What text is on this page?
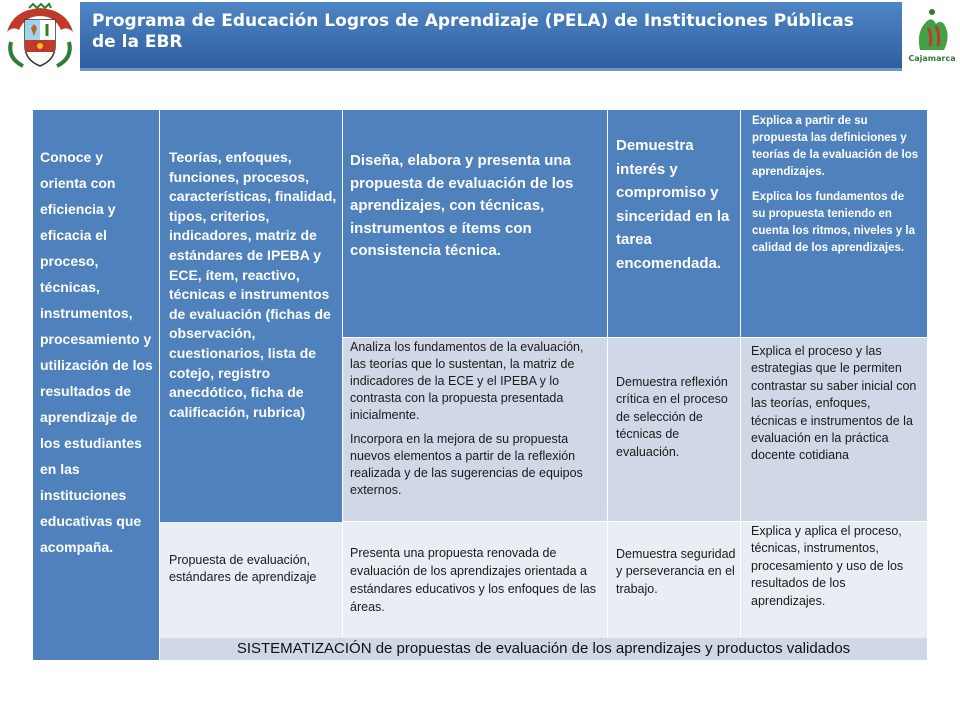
Programa de Educación Logros de Aprendizaje (PELA) de Instituciones Públicas de la EBR
Cajamarca

Conoce y orienta con eficiencia y eficacia el proceso, técnicas, instrumentos, procesamiento y utilización de los resultados de aprendizaje de los estudiantes en las instituciones educativas que acompaña.

Teorías, enfoques, funciones, procesos, características, finalidad, tipos, criterios, indicadores, matriz de estándares de IPEBA y ECE, ítem, reactivo, técnicas e instrumentos de evaluación (fichas de observación, cuestionarios, lista de cotejo, registro anecdótico, ficha de calificación, rubrica)

Diseña, elabora y presenta una propuesta de evaluación de los aprendizajes, con técnicas, instrumentos e ítems con consistencia técnica.

Demuestra interés y compromiso y sinceridad en la tarea encomendada.

Explica a partir de su propuesta las definiciones y teorías de la evaluación de los aprendizajes.

Explica los fundamentos de su propuesta teniendo en cuenta los ritmos, niveles y la calidad de los aprendizajes.

Analiza los fundamentos de la evaluación, las teorías que lo sustentan, la matriz de indicadores de la ECE y el IPEBA y lo contrasta con la propuesta presentada inicialmente.

Incorpora en la mejora de su propuesta nuevos elementos a partir de la reflexión realizada y de las sugerencias de equipos externos.

Demuestra reflexión crítica en el proceso de selección de técnicas de evaluación.

Explica el proceso y las estrategias que le permiten contrastar su saber inicial con las teorías, enfoques, técnicas e instrumentos de la evaluación en la práctica docente cotidiana

Propuesta de evaluación, estándares de aprendizaje

Presenta una propuesta renovada de evaluación de los aprendizajes orientada a estándares educativos y los enfoques de las áreas.

Demuestra seguridad y perseverancia en el trabajo.

Explica y aplica el proceso, técnicas, instrumentos, procesamiento y uso de los resultados de los aprendizajes.

SISTEMATIZACIÓN de propuestas de evaluación de los aprendizajes y productos validados
